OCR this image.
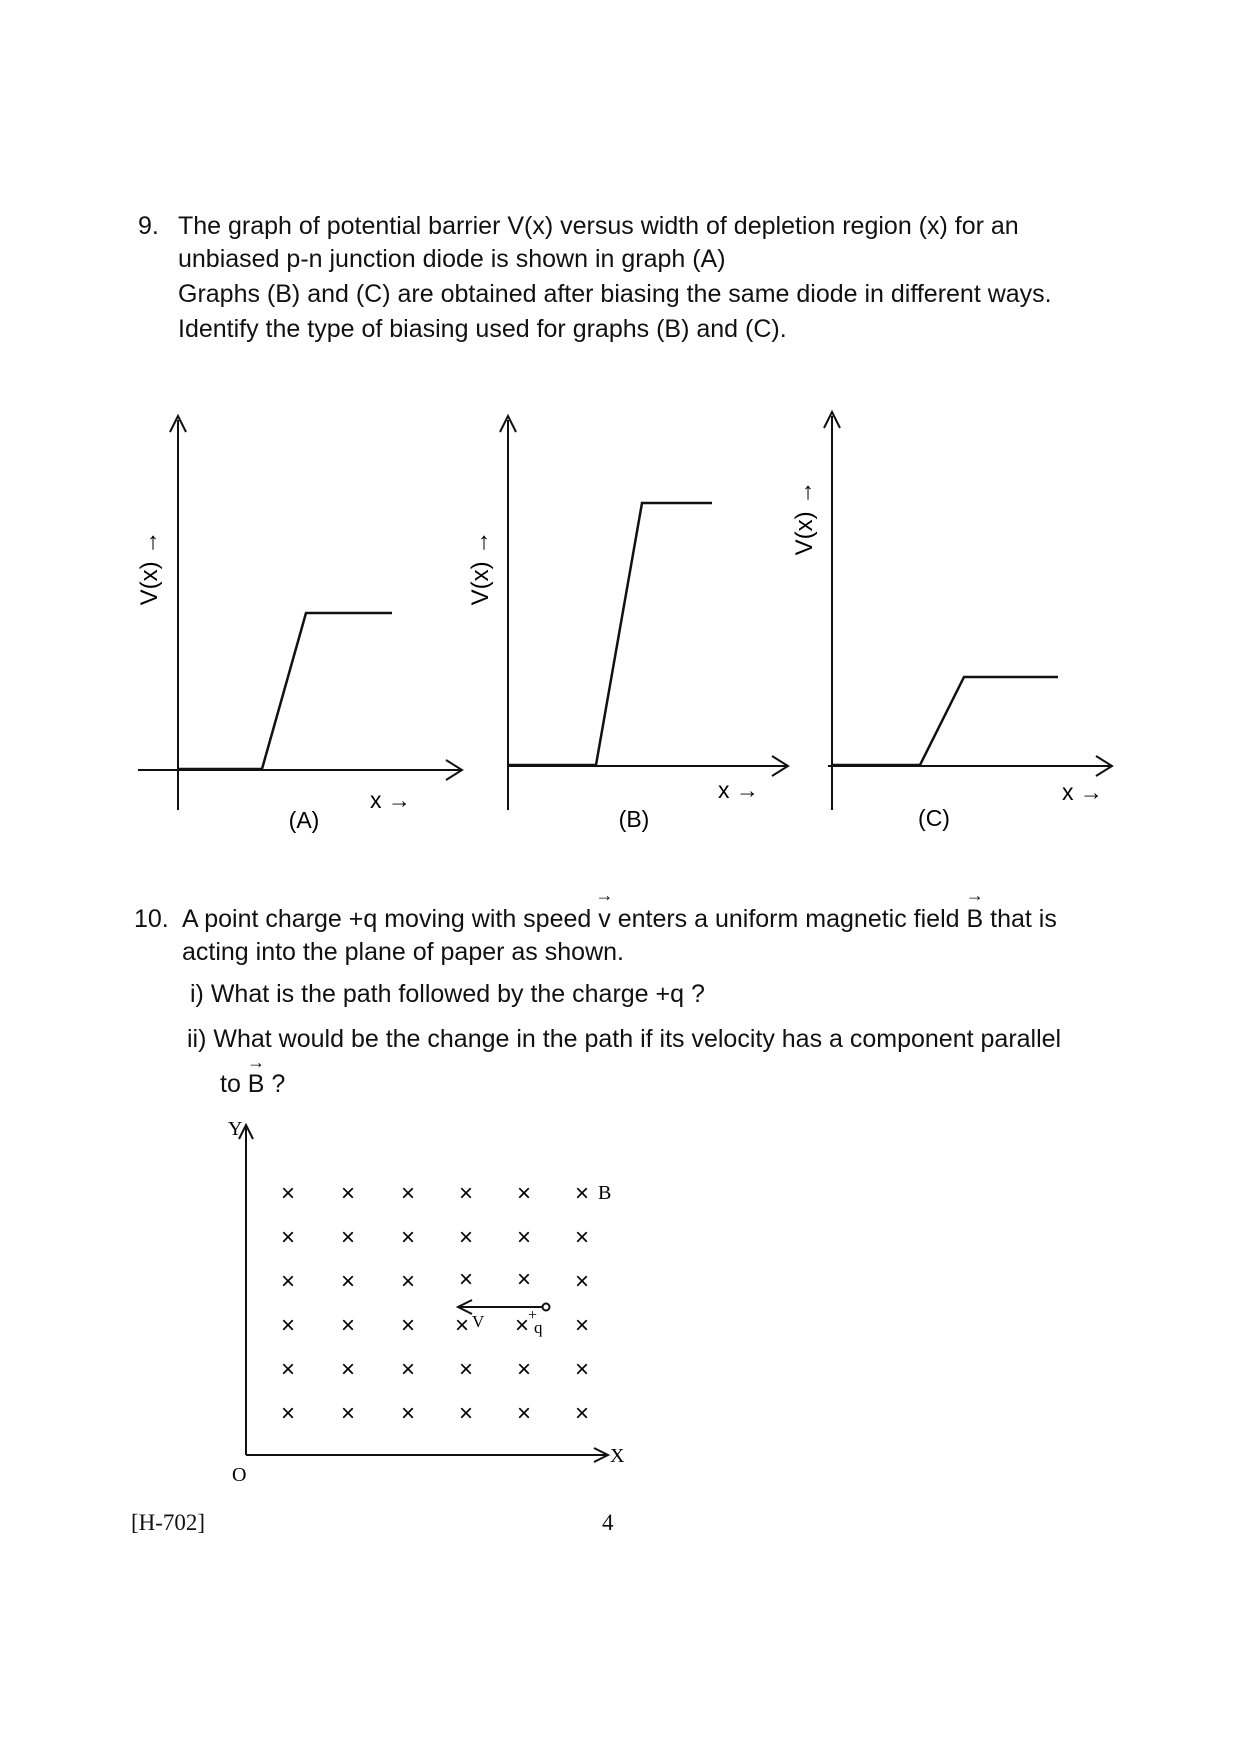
9. The graph of potential barrier V(x) versus width of depletion region (x) for an
unbiased p-n junction diode is shown in graph (A)
Graphs (B) and (C) are obtained after biasing the same diode in different ways.
Identify the type of biasing used for graphs (B) and (C).
V(x) →
x →
(A)
V(x) →
x →
(B)
V(x) →
x →
(C)
10. A point charge +q moving with speed → v enters a uniform magnetic field → B that is
acting into the plane of paper as shown.
i) What is the path followed by the charge +q ?
ii) What would be the change in the path if its velocity has a component parallel
to → B ?
Y
X
O
× × × × × ×
× × × × × ×
× × × × × ×
× × × × × ×
× × × × × ×
× × × × × ×
B
V	+
q
[H-702]	4
